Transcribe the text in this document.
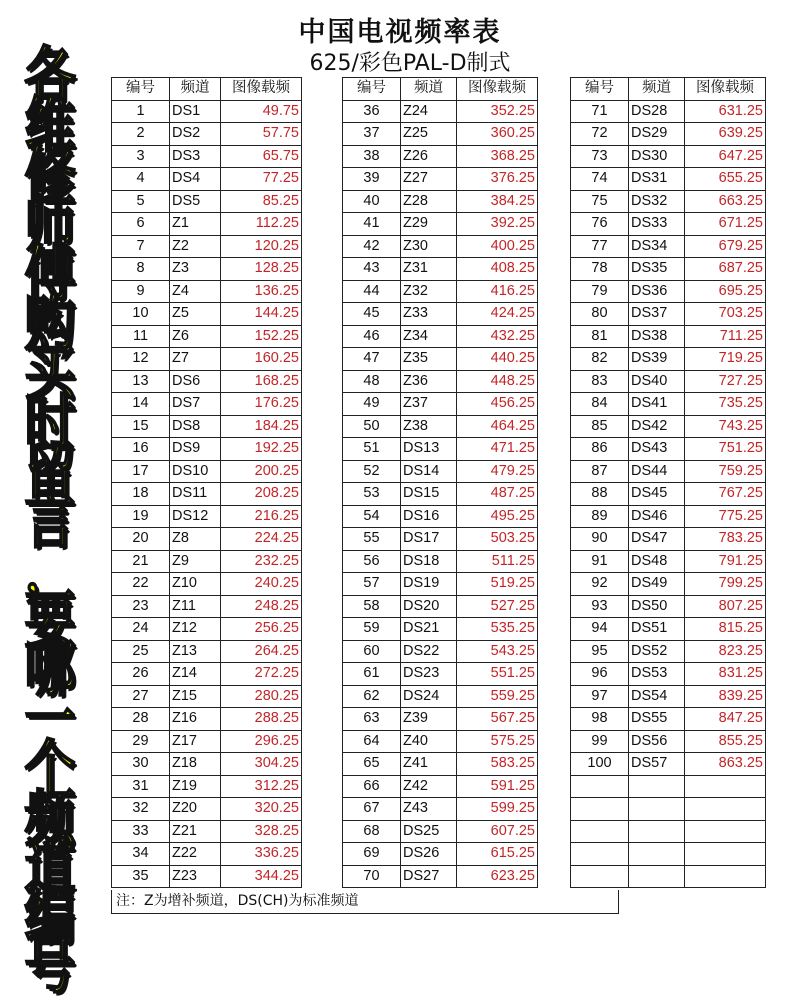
中国电视频率表
625/彩色PAL-D制式
各
维
修
师
傅
购
买
时
留
言
，
要
哪
一
个
频
道
编
号
编号	频道	图像载频
1	DS1	49.75
2	DS2	57.75
3	DS3	65.75
4	DS4	77.25
5	DS5	85.25
6	Z1	112.25
7	Z2	120.25
8	Z3	128.25
9	Z4	136.25
10	Z5	144.25
11	Z6	152.25
12	Z7	160.25
13	DS6	168.25
14	DS7	176.25
15	DS8	184.25
16	DS9	192.25
17	DS10	200.25
18	DS11	208.25
19	DS12	216.25
20	Z8	224.25
21	Z9	232.25
22	Z10	240.25
23	Z11	248.25
24	Z12	256.25
25	Z13	264.25
26	Z14	272.25
27	Z15	280.25
28	Z16	288.25
29	Z17	296.25
30	Z18	304.25
31	Z19	312.25
32	Z20	320.25
33	Z21	328.25
34	Z22	336.25
35	Z23	344.25
编号	频道	图像载频
36	Z24	352.25
37	Z25	360.25
38	Z26	368.25
39	Z27	376.25
40	Z28	384.25
41	Z29	392.25
42	Z30	400.25
43	Z31	408.25
44	Z32	416.25
45	Z33	424.25
46	Z34	432.25
47	Z35	440.25
48	Z36	448.25
49	Z37	456.25
50	Z38	464.25
51	DS13	471.25
52	DS14	479.25
53	DS15	487.25
54	DS16	495.25
55	DS17	503.25
56	DS18	511.25
57	DS19	519.25
58	DS20	527.25
59	DS21	535.25
60	DS22	543.25
61	DS23	551.25
62	DS24	559.25
63	Z39	567.25
64	Z40	575.25
65	Z41	583.25
66	Z42	591.25
67	Z43	599.25
68	DS25	607.25
69	DS26	615.25
70	DS27	623.25
编号	频道	图像载频
71	DS28	631.25
72	DS29	639.25
73	DS30	647.25
74	DS31	655.25
75	DS32	663.25
76	DS33	671.25
77	DS34	679.25
78	DS35	687.25
79	DS36	695.25
80	DS37	703.25
81	DS38	711.25
82	DS39	719.25
83	DS40	727.25
84	DS41	735.25
85	DS42	743.25
86	DS43	751.25
87	DS44	759.25
88	DS45	767.25
89	DS46	775.25
90	DS47	783.25
91	DS48	791.25
92	DS49	799.25
93	DS50	807.25
94	DS51	815.25
95	DS52	823.25
96	DS53	831.25
97	DS54	839.25
98	DS55	847.25
99	DS56	855.25
100	DS57	863.25

注：Z为增补频道，DS(CH)为标准频道
